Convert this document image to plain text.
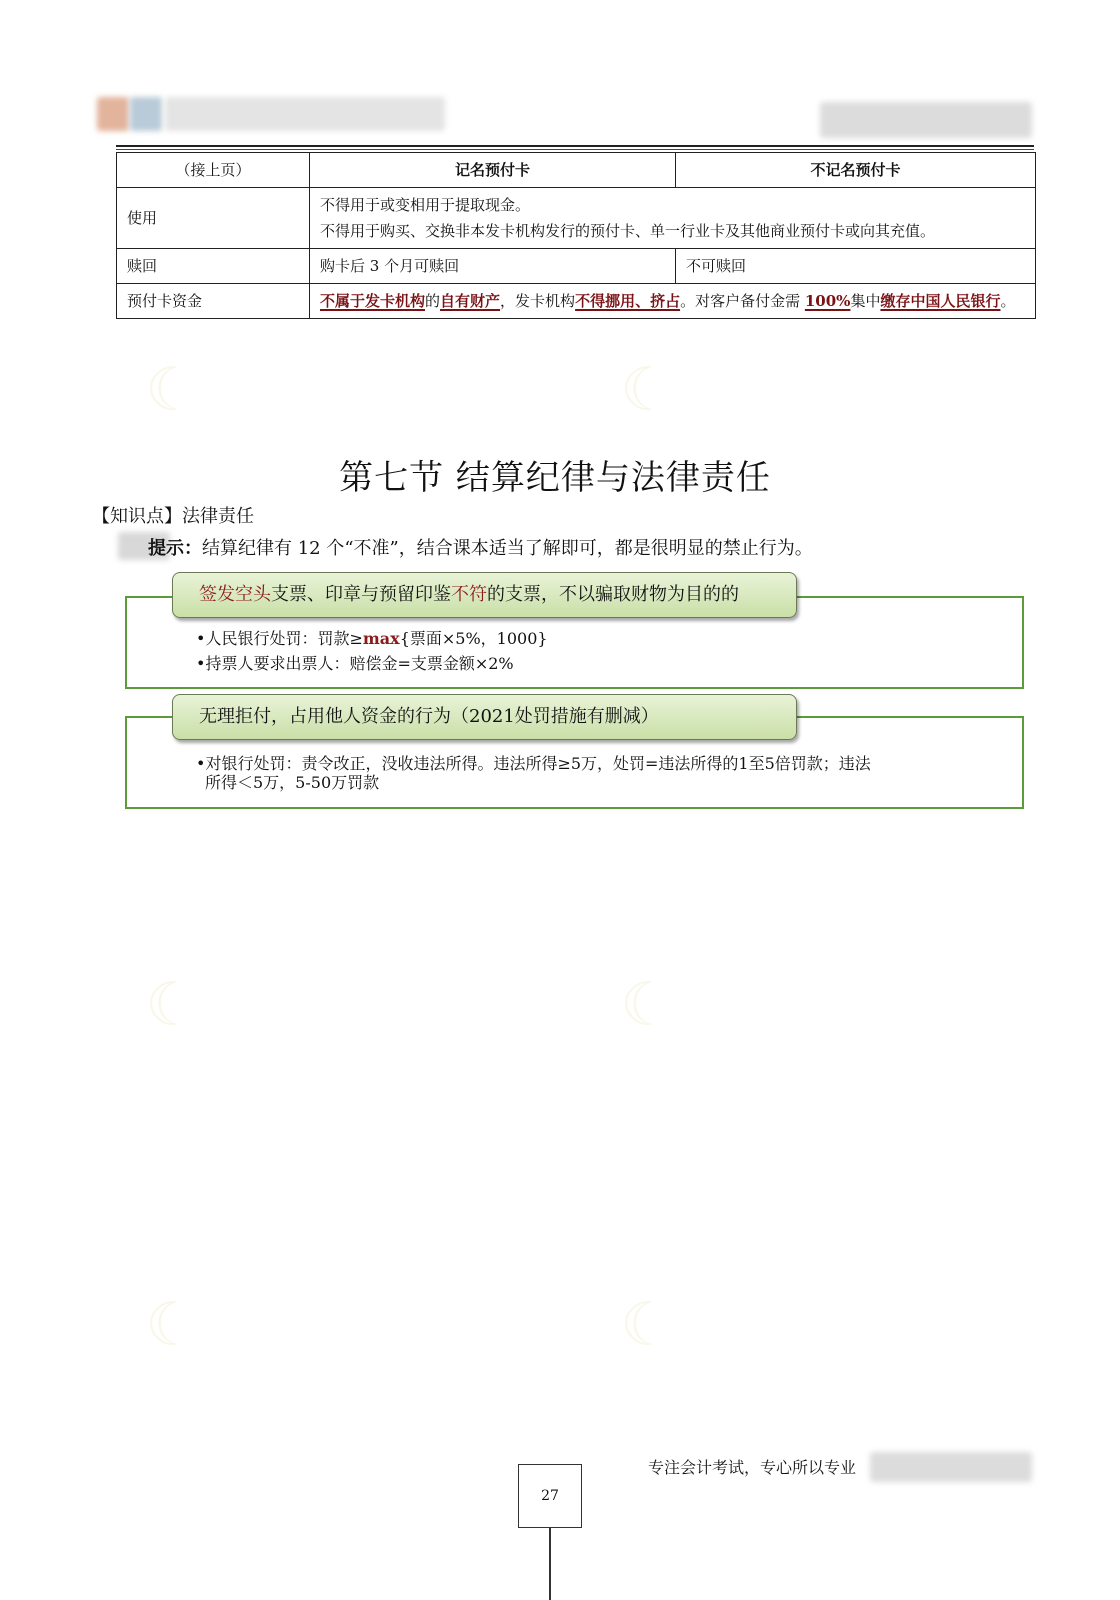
（接上页）	记名预付卡	不记名预付卡
使用	不得用于或变相用于提取现金。
不得用于购买、交换非本发卡机构发行的预付卡、单一行业卡及其他商业预付卡或向其充值。	

赎回	购卡后 3 个月可赎回	不可赎回
预付卡资金	不属于发卡机构的自有财产，发卡机构不得挪用、挤占。对客户备付金需 100%集中缴存中国人民银行。	
☾	☾
☾	☾
☾	☾
第七节 结算纪律与法律责任
【知识点】法律责任
提示：结算纪律有 12 个“不准”，结合课本适当了解即可，都是很明显的禁止行为。
签发空头支票、印章与预留印鉴不符的支票，不以骗取财物为目的的
•人民银行处罚：罚款≥max{票面×5%，1000}
•持票人要求出票人：赔偿金=支票金额×2%
无理拒付，占用他人资金的行为（2021处罚措施有删减）
•对银行处罚：责令改正，没收违法所得。违法所得≥5万，处罚=违法所得的1至5倍罚款；违法
所得＜5万，5-50万罚款
专注会计考试，专心所以专业
27
